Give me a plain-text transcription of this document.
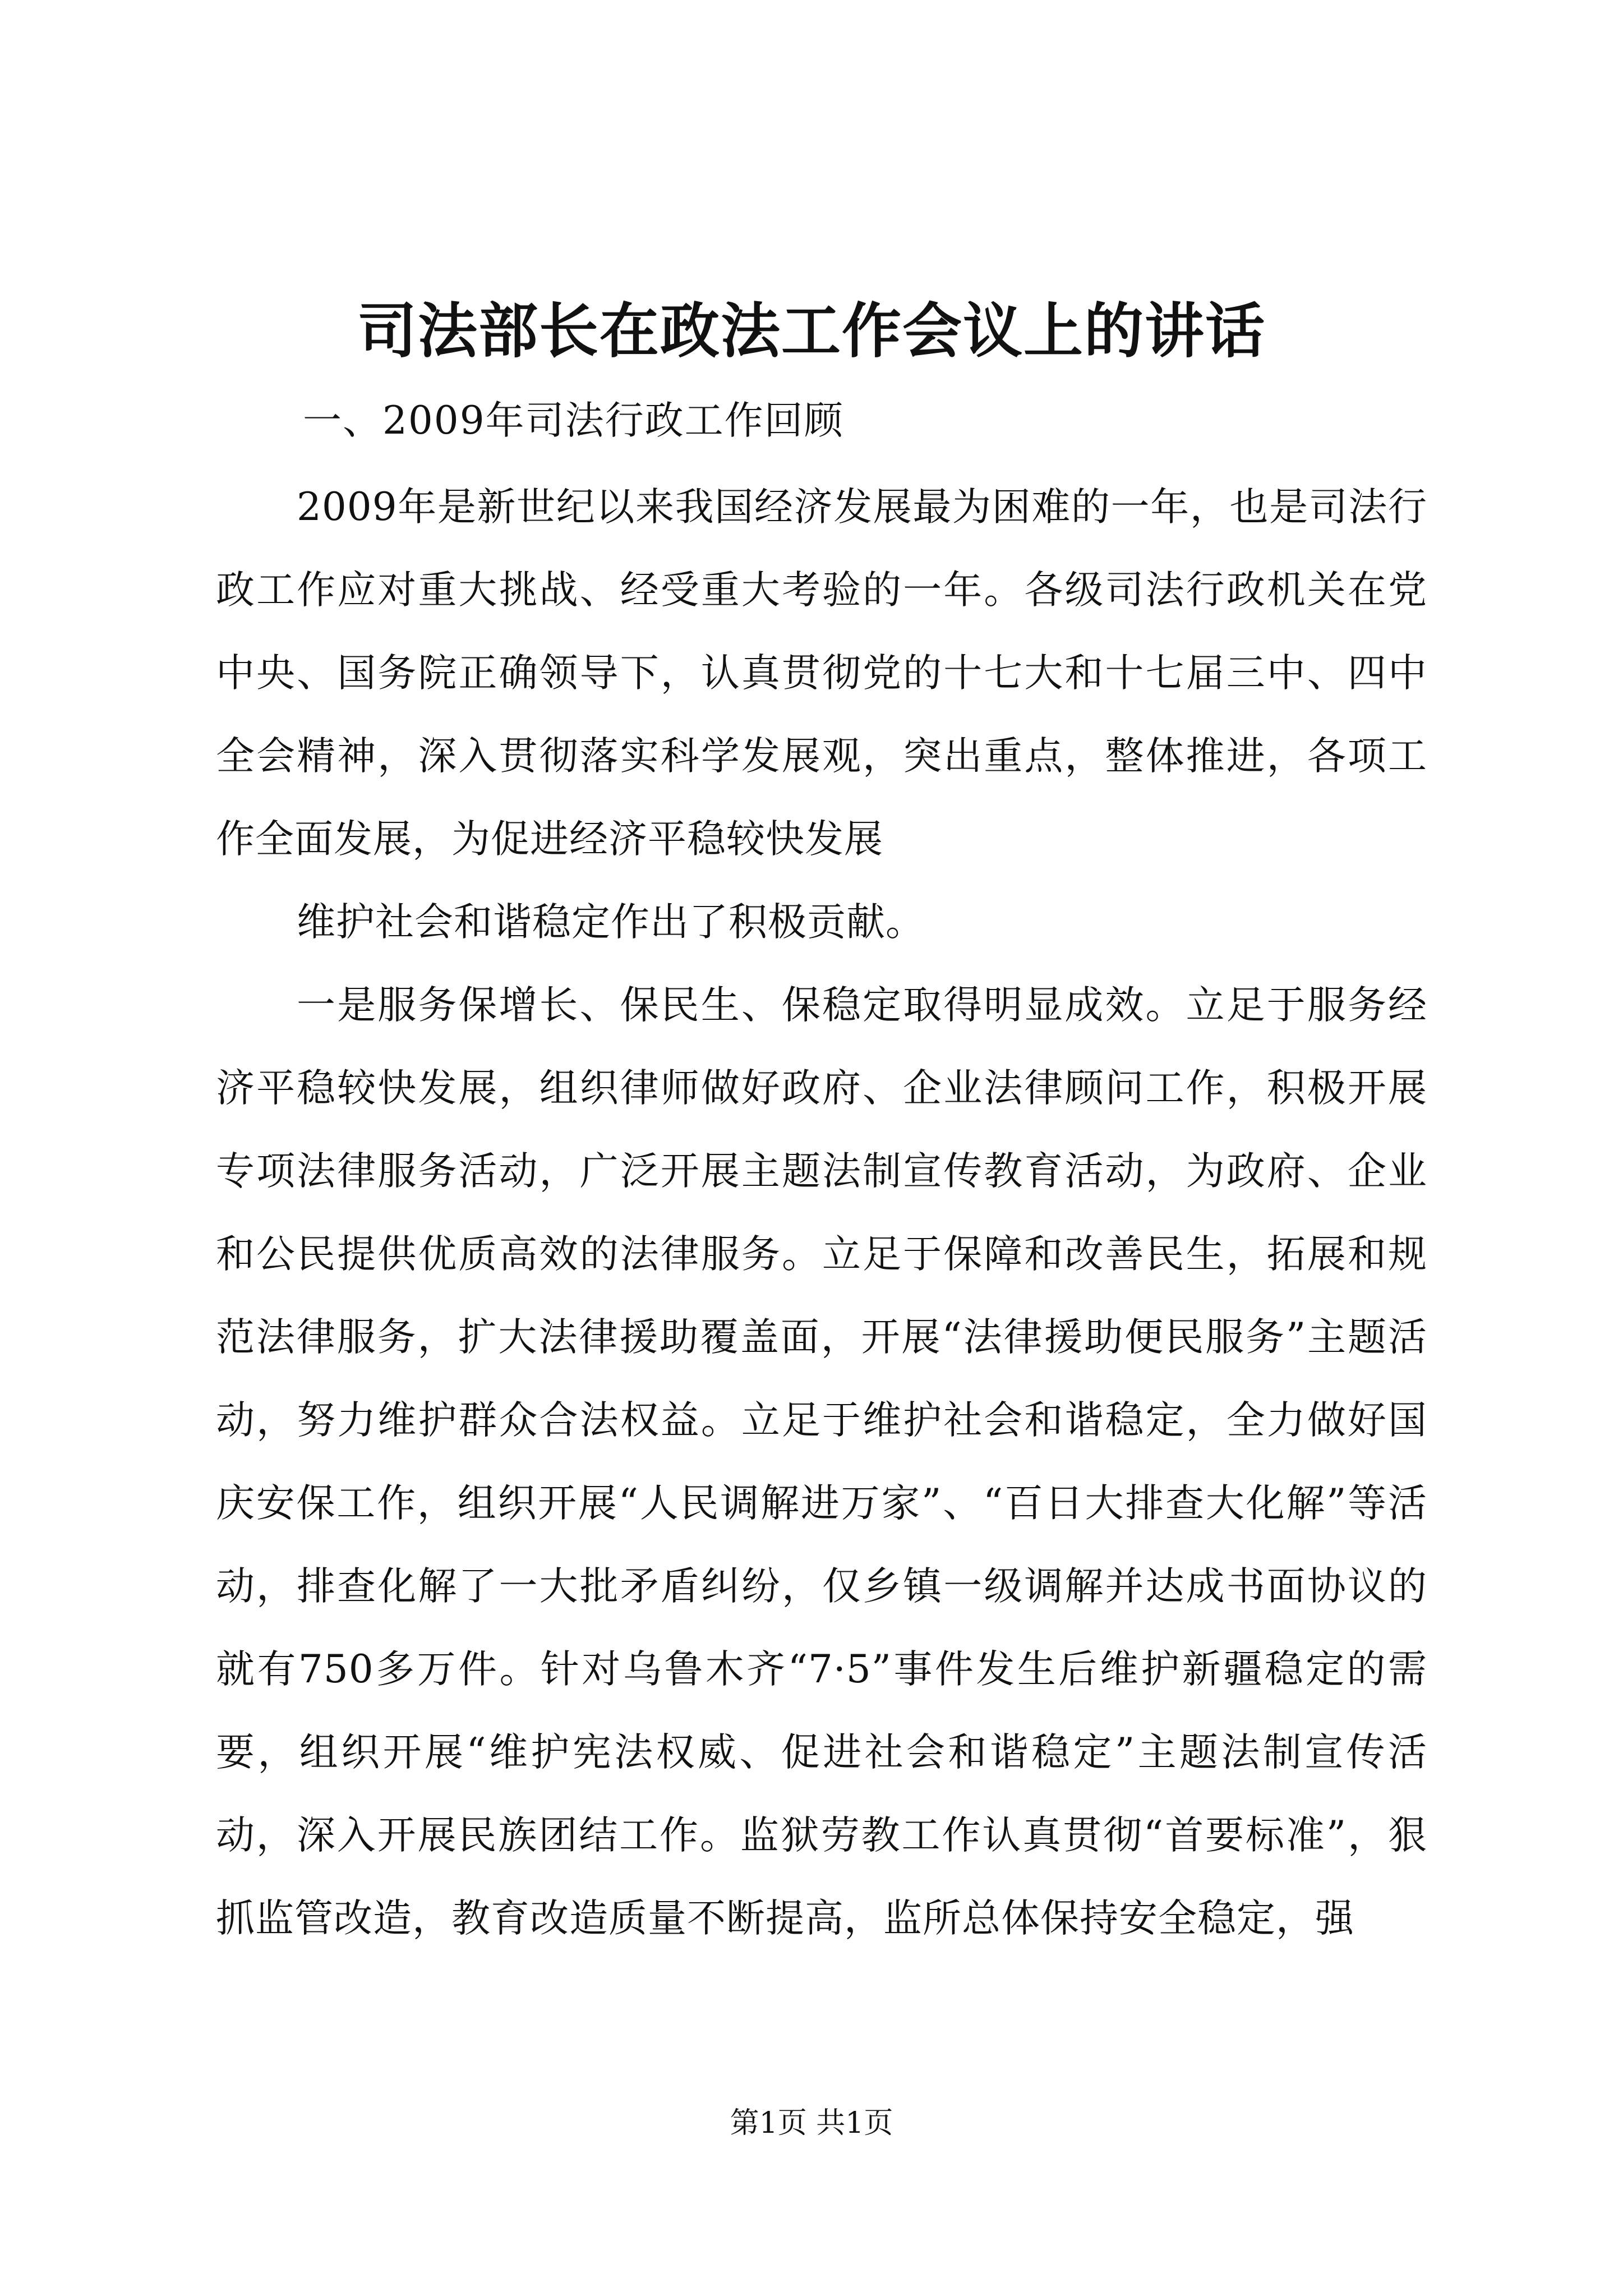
司法部长在政法工作会议上的讲话
一、2009年司法行政工作回顾

2009年是新世纪以来我国经济发展最为困难的一年，也是司法行政工作应对重大挑战、经受重大考验的一年。各级司法行政机关在党中央、国务院正确领导下，认真贯彻党的十七大和十七届三中、四中全会精神，深入贯彻落实科学发展观，突出重点，整体推进，各项工作全面发展，为促进经济平稳较快发展

维护社会和谐稳定作出了积极贡献。

一是服务保增长、保民生、保稳定取得明显成效。立足于服务经济平稳较快发展，组织律师做好政府、企业法律顾问工作，积极开展专项法律服务活动，广泛开展主题法制宣传教育活动，为政府、企业和公民提供优质高效的法律服务。立足于保障和改善民生，拓展和规范法律服务，扩大法律援助覆盖面，开展“法律援助便民服务”主题活动，努力维护群众合法权益。立足于维护社会和谐稳定，全力做好国庆安保工作，组织开展“人民调解进万家”、“百日大排查大化解”等活动，排查化解了一大批矛盾纠纷，仅乡镇一级调解并达成书面协议的就有750多万件。针对乌鲁木齐“7·5”事件发生后维护新疆稳定的需要，组织开展“维护宪法权威、促进社会和谐稳定”主题法制宣传活动，深入开展民族团结工作。监狱劳教工作认真贯彻“首要标准”，狠抓监管改造，教育改造质量不断提高，监所总体保持安全稳定，强

第1页 共1页
